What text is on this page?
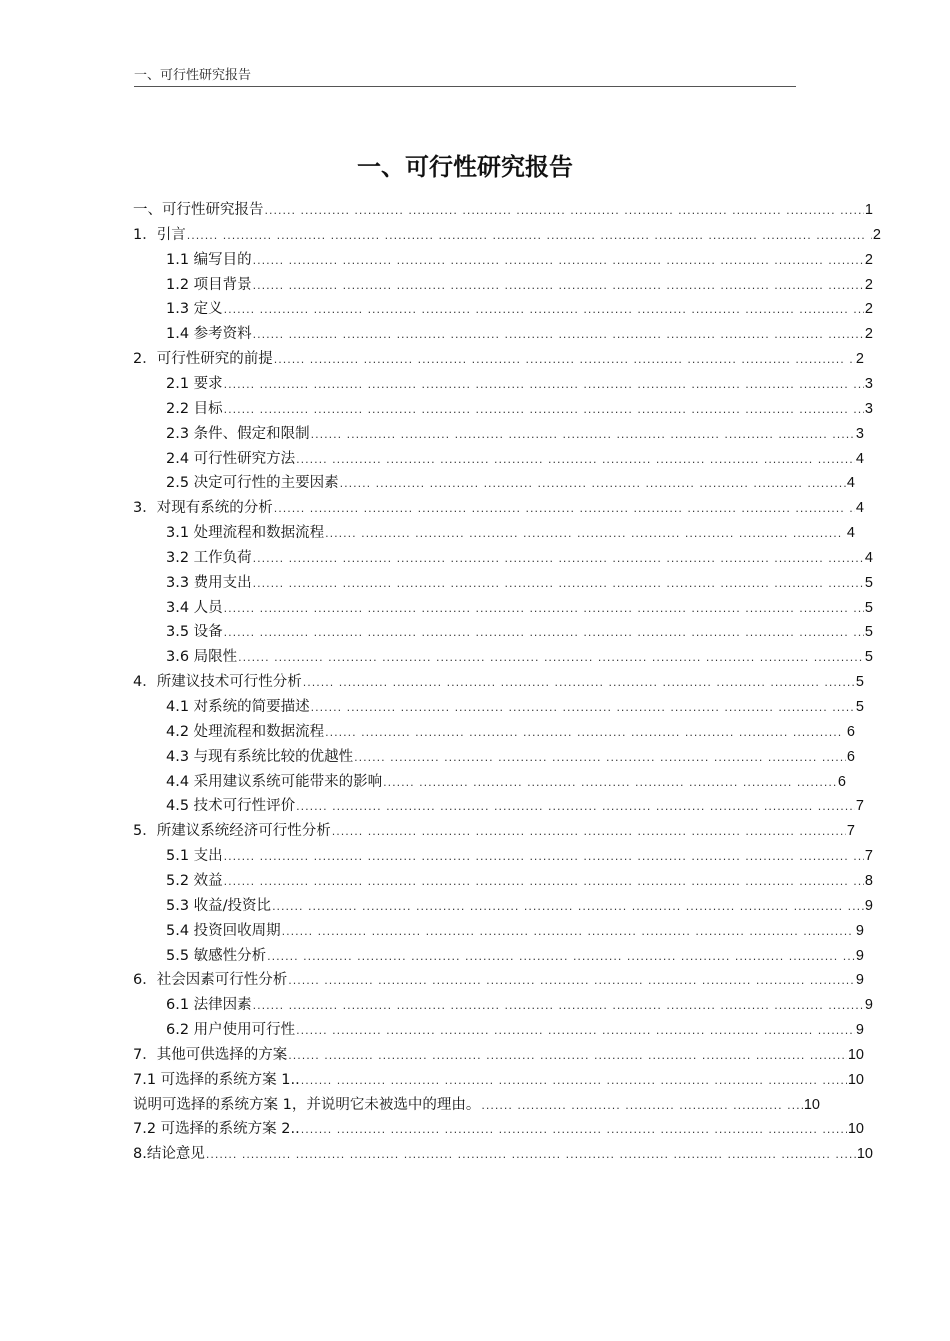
一、可行性研究报告
一、可行性研究报告
一、可行性研究报告 .....	1
1．引言 .....	2
1.1 编写目的 .....	2
1.2 项目背景 .....	2
1.3 定义 .....	2
1.4 参考资料 .....	2
2．可行性研究的前提 .....	2
2.1 要求 .....	3
2.2 目标 .....	3
2.3 条件、假定和限制 .....	3
2.4 可行性研究方法 .....	4
2.5 决定可行性的主要因素 .....	4
3．对现有系统的分析 .....	4
3.1 处理流程和数据流程 .....	4
3.2 工作负荷 .....	4
3.3 费用支出 .....	5
3.4 人员 .....	5
3.5 设备 .....	5
3.6 局限性 .....	5
4．所建议技术可行性分析 .....	5
4.1 对系统的简要描述 .....	5
4.2 处理流程和数据流程 .....	6
4.3 与现有系统比较的优越性 .....	6
4.4 采用建议系统可能带来的影响 .....	6
4.5 技术可行性评价 .....	7
5．所建议系统经济可行性分析 .....	7
5.1 支出 .....	7
5.2 效益 .....	8
5.3 收益/投资比 .....	9
5.4 投资回收周期 .....	9
5.5 敏感性分析 .....	9
6．社会因素可行性分析 .....	9
6.1 法律因素 .....	9
6.2 用户使用可行性 .....	9
7．其他可供选择的方案 .....	10
7.1 可选择的系统方案 1.. .....	10
说明可选择的系统方案 1，并说明它未被选中的理由。 .....	10
7.2 可选择的系统方案 2.. .....	10
8.结论意见 .....	10
